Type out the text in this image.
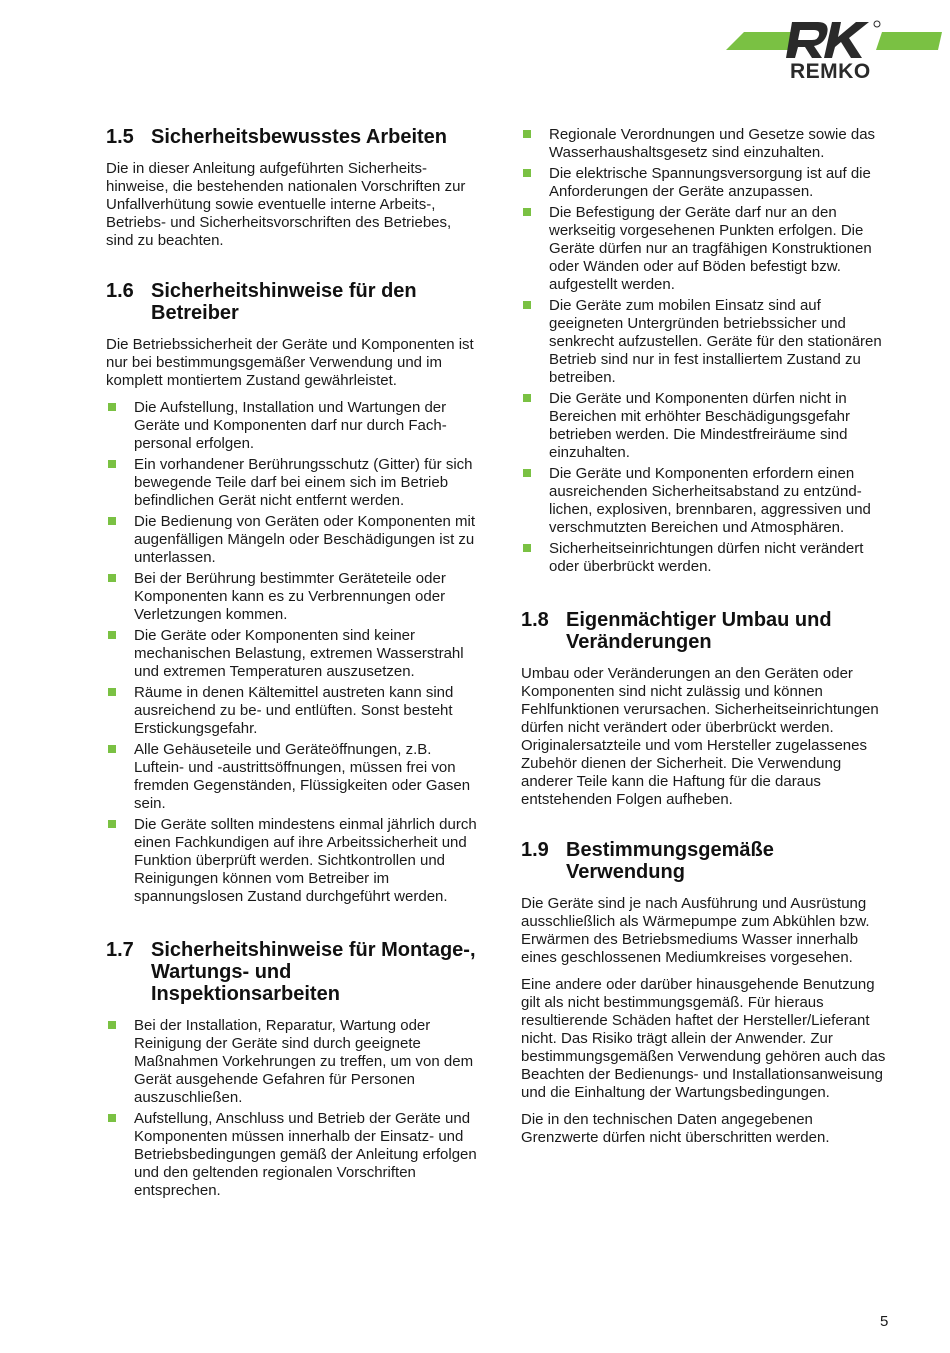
REMKO
1.5 Sicherheitsbewusstes Arbeiten

Die in dieser Anleitung aufgeführten Sicherheitshinweise, die bestehenden nationalen Vorschriften zur Unfallverhütung sowie eventuelle interne Arbeits-, Betriebs- und Sicherheitsvorschriften des Betriebes, sind zu beachten.

1.6 Sicherheitshinweise für den Betreiber

Die Betriebssicherheit der Geräte und Komponenten ist nur bei bestimmungsgemäßer Verwendung und im komplett montiertem Zustand gewährleistet.

Die Aufstellung, Installation und Wartungen der Geräte und Komponenten darf nur durch Fachpersonal erfolgen.
Ein vorhandener Berührungsschutz (Gitter) für sich bewegende Teile darf bei einem sich im Betrieb befindlichen Gerät nicht entfernt werden.
Die Bedienung von Geräten oder Komponenten mit augenfälligen Mängeln oder Beschädigungen ist zu unterlassen.
Bei der Berührung bestimmter Geräteteile oder Komponenten kann es zu Verbrennungen oder Verletzungen kommen.
Die Geräte oder Komponenten sind keiner mechanischen Belastung, extremen Wasserstrahl und extremen Temperaturen auszusetzen.
Räume in denen Kältemittel austreten kann sind ausreichend zu be- und entlüften. Sonst besteht Erstickungsgefahr.
Alle Gehäuseteile und Geräteöffnungen, z.B. Luftein- und -austrittsöffnungen, müssen frei von fremden Gegenständen, Flüssigkeiten oder Gasen sein.
Die Geräte sollten mindestens einmal jährlich durch einen Fachkundigen auf ihre Arbeitssicherheit und Funktion überprüft werden. Sichtkontrollen und Reinigungen können vom Betreiber im spannungslosen Zustand durchgeführt werden.
1.7 Sicherheitshinweise für Montage-, Wartungs- und Inspektionsarbeiten
Bei der Installation, Reparatur, Wartung oder Reinigung der Geräte sind durch geeignete Maßnahmen Vorkehrungen zu treffen, um von dem Gerät ausgehende Gefahren für Personen auszuschließen.
Aufstellung, Anschluss und Betrieb der Geräte und Komponenten müssen innerhalb der Einsatz- und Betriebsbedingungen gemäß der Anleitung erfolgen und den geltenden regionalen Vorschriften entsprechen.
Regionale Verordnungen und Gesetze sowie das Wasserhaushaltsgesetz sind einzuhalten.
Die elektrische Spannungsversorgung ist auf die Anforderungen der Geräte anzupassen.
Die Befestigung der Geräte darf nur an den werkseitig vorgesehenen Punkten erfolgen. Die Geräte dürfen nur an tragfähigen Konstruktionen oder Wänden oder auf Böden befestigt bzw. aufgestellt werden.
Die Geräte zum mobilen Einsatz sind auf geeigneten Untergründen betriebssicher und senkrecht aufzustellen. Geräte für den stationären Betrieb sind nur in fest installiertem Zustand zu betreiben.
Die Geräte und Komponenten dürfen nicht in Bereichen mit erhöhter Beschädigungsgefahr betrieben werden. Die Mindestfreiräume sind einzuhalten.
Die Geräte und Komponenten erfordern einen ausreichenden Sicherheitsabstand zu entzündlichen, explosiven, brennbaren, aggressiven und verschmutzten Bereichen und Atmosphären.
Sicherheitseinrichtungen dürfen nicht verändert oder überbrückt werden.
1.8 Eigenmächtiger Umbau und Veränderungen

Umbau oder Veränderungen an den Geräten oder Komponenten sind nicht zulässig und können Fehlfunktionen verursachen. Sicherheitseinrichtungen dürfen nicht verändert oder überbrückt werden. Originalersatzteile und vom Hersteller zugelassenes Zubehör dienen der Sicherheit. Die Verwendung anderer Teile kann die Haftung für die daraus entstehenden Folgen aufheben.

1.9 Bestimmungsgemäße Verwendung

Die Geräte sind je nach Ausführung und Ausrüstung ausschließlich als Wärmepumpe zum Abkühlen bzw. Erwärmen des Betriebsmediums Wasser innerhalb eines geschlossenen Mediumkreises vorgesehen.

Eine andere oder darüber hinausgehende Benutzung gilt als nicht bestimmungsgemäß. Für hieraus resultierende Schäden haftet der Hersteller/Lieferant nicht. Das Risiko trägt allein der Anwender. Zur bestimmungsgemäßen Verwendung gehören auch das Beachten der Bedienungs- und Installationsanweisung und die Einhaltung der Wartungsbedingungen.

Die in den technischen Daten angegebenen Grenzwerte dürfen nicht überschritten werden.

5
